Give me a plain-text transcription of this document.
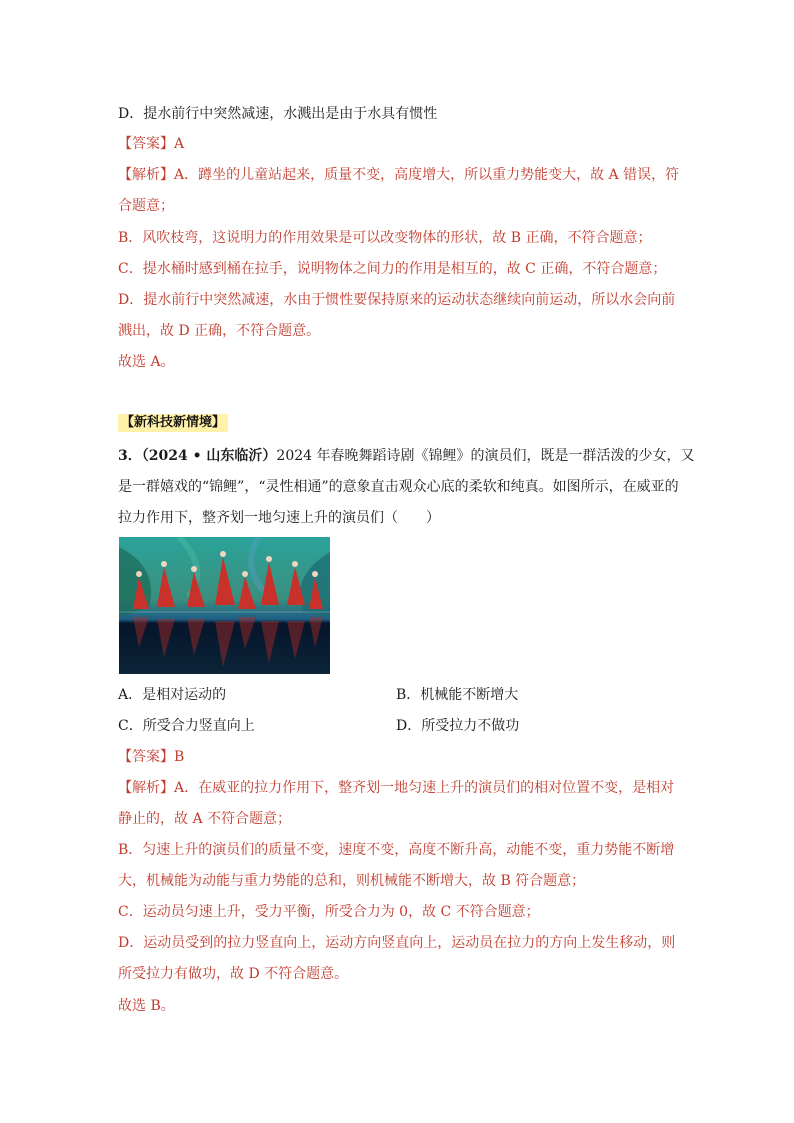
D．提水前行中突然减速，水溅出是由于水具有惯性
【答案】A
【解析】A．蹲坐的儿童站起来，质量不变，高度增大，所以重力势能变大，故 A 错误，符
合题意；
B．风吹枝弯，这说明力的作用效果是可以改变物体的形状，故 B 正确，不符合题意；
C．提水桶时感到桶在拉手，说明物体之间力的作用是相互的，故 C 正确，不符合题意；
D．提水前行中突然减速，水由于惯性要保持原来的运动状态继续向前运动，所以水会向前
溅出，故 D 正确，不符合题意。
故选 A。
【新科技新情境】
3．（2024 • 山东临沂）2024 年春晚舞蹈诗剧《锦鲤》的演员们，既是一群活泼的少女，又
是一群嬉戏的“锦鲤”，“灵性相通”的意象直击观众心底的柔软和纯真。如图所示，在威亚的
拉力作用下，整齐划一地匀速上升的演员们（　　）
A．是相对运动的	B．机械能不断增大
C．所受合力竖直向上	D．所受拉力不做功
【答案】B
【解析】A．在威亚的拉力作用下，整齐划一地匀速上升的演员们的相对位置不变，是相对
静止的，故 A 不符合题意；
B．匀速上升的演员们的质量不变，速度不变，高度不断升高，动能不变，重力势能不断增
大，机械能为动能与重力势能的总和，则机械能不断增大，故 B 符合题意；
C．运动员匀速上升，受力平衡，所受合力为 0，故 C 不符合题意；
D．运动员受到的拉力竖直向上，运动方向竖直向上，运动员在拉力的方向上发生移动，则
所受拉力有做功，故 D 不符合题意。
故选 B。
